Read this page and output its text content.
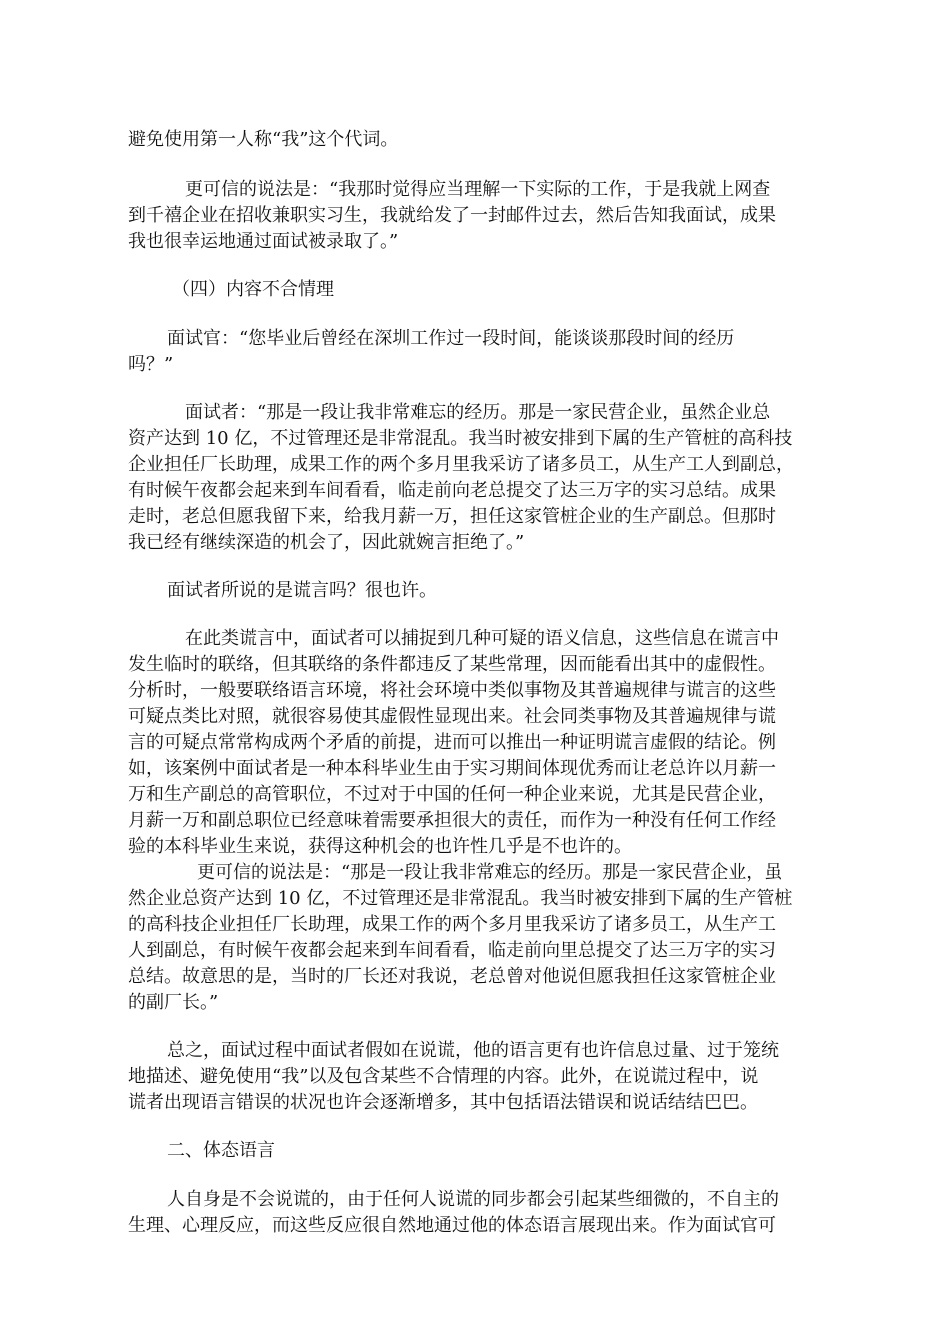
避免使用第一人称“我”这个代词。
更可信的说法是：“我那时觉得应当理解一下实际的工作，于是我就上网查
到千禧企业在招收兼职实习生，我就给发了一封邮件过去，然后告知我面试，成果
我也很幸运地通过面试被录取了。”
（四）内容不合情理
面试官：“您毕业后曾经在深圳工作过一段时间，能谈谈那段时间的经历
吗？”
面试者：“那是一段让我非常难忘的经历。那是一家民营企业，虽然企业总
资产达到 10 亿，不过管理还是非常混乱。我当时被安排到下属的生产管桩的高科技
企业担任厂长助理，成果工作的两个多月里我采访了诸多员工，从生产工人到副总，
有时候午夜都会起来到车间看看，临走前向老总提交了达三万字的实习总结。成果
走时，老总但愿我留下来，给我月薪一万，担任这家管桩企业的生产副总。但那时
我已经有继续深造的机会了，因此就婉言拒绝了。”
面试者所说的是谎言吗？很也许。
在此类谎言中，面试者可以捕捉到几种可疑的语义信息，这些信息在谎言中
发生临时的联络，但其联络的条件都违反了某些常理，因而能看出其中的虚假性。
分析时，一般要联络语言环境，将社会环境中类似事物及其普遍规律与谎言的这些
可疑点类比对照，就很容易使其虚假性显现出来。社会同类事物及其普遍规律与谎
言的可疑点常常构成两个矛盾的前提，进而可以推出一种证明谎言虚假的结论。例
如，该案例中面试者是一种本科毕业生由于实习期间体现优秀而让老总许以月薪一
万和生产副总的高管职位，不过对于中国的任何一种企业来说，尤其是民营企业，
月薪一万和副总职位已经意味着需要承担很大的责任，而作为一种没有任何工作经
验的本科毕业生来说，获得这种机会的也许性几乎是不也许的。
更可信的说法是：“那是一段让我非常难忘的经历。那是一家民营企业，虽
然企业总资产达到 10 亿，不过管理还是非常混乱。我当时被安排到下属的生产管桩
的高科技企业担任厂长助理，成果工作的两个多月里我采访了诸多员工，从生产工
人到副总，有时候午夜都会起来到车间看看，临走前向里总提交了达三万字的实习
总结。故意思的是，当时的厂长还对我说，老总曾对他说但愿我担任这家管桩企业
的副厂长。”
总之，面试过程中面试者假如在说谎，他的语言更有也许信息过量、过于笼统
地描述、避免使用“我”以及包含某些不合情理的内容。此外，在说谎过程中，说
谎者出现语言错误的状况也许会逐渐增多，其中包括语法错误和说话结结巴巴。
二、体态语言
人自身是不会说谎的，由于任何人说谎的同步都会引起某些细微的，不自主的
生理、心理反应，而这些反应很自然地通过他的体态语言展现出来。作为面试官可
